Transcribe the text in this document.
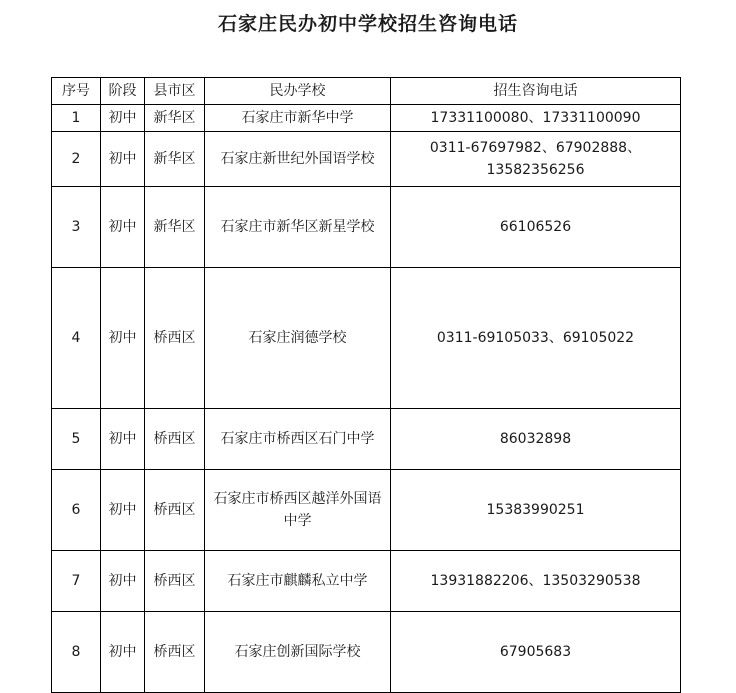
石家庄民办初中学校招生咨询电话
序号	阶段	县市区	民办学校	招生咨询电话
1	初中	新华区	石家庄市新华中学	17331100080、17331100090
2	初中	新华区	石家庄新世纪外国语学校	0311-67697982、67902888、13582356256
3	初中	新华区	石家庄市新华区新星学校	66106526
4	初中	桥西区	石家庄润德学校	0311-69105033、69105022
5	初中	桥西区	石家庄市桥西区石门中学	86032898
6	初中	桥西区	石家庄市桥西区越洋外国语中学	15383990251
7	初中	桥西区	石家庄市麒麟私立中学	13931882206、13503290538
8	初中	桥西区	石家庄创新国际学校	67905683
